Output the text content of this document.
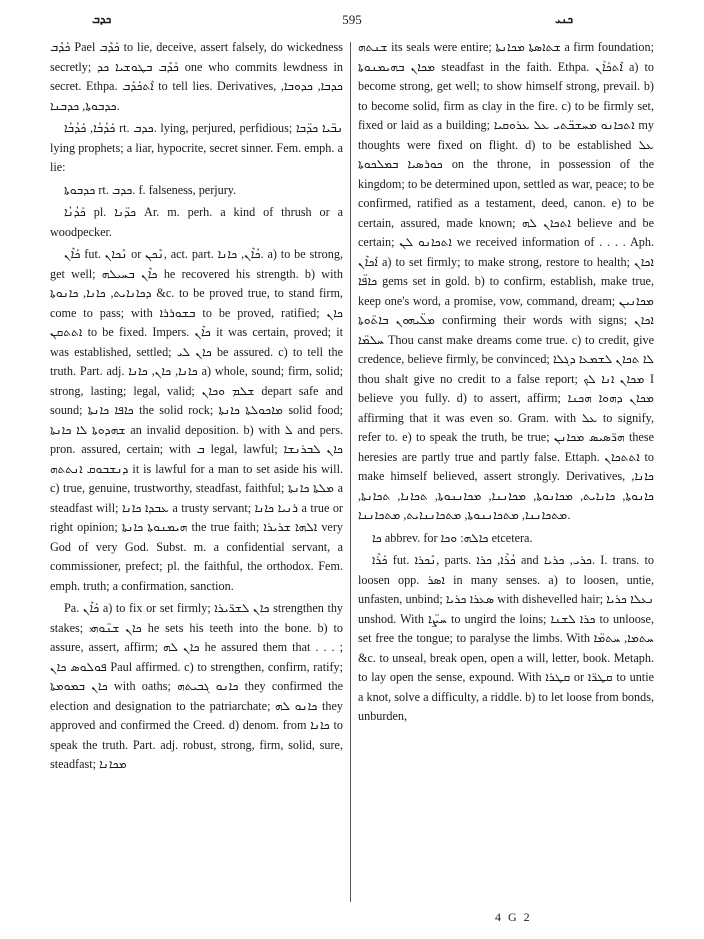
ܟܕܒ	595	ܟܢܝ

ܟܰܕܶܒ Pael ܟܰܕܶܒ to lie, deceive, assert falsely, do wickedness secretly; ܟܰܕܶܒ ܒܛܘܫܝܐ ܟܕ one who commits lewdness in secret. Ethpa. ܐܶܬܟܰܕܰܒ to tell lies. Derivatives, ܟܕܒܐ, ܟܕܘܒܐ, ܟܕܒܘܬܐ, ܟܕܒܢܐ.

ܟܰܕܳܒܳܐ, ܟܰܕܳܒܳܐ rt. ܟܕܒ. lying, perjured, perfidious; ܢܒ̈ܝܐ ܟܕ̈ܒܐ lying prophets; a liar, hypocrite, secret sinner. Fem. emph. a lie:

ܟܕܒܘܬܐ rt. ܟܕܒ. f. falseness, perjury.

ܟܰܕܳܢܳܐ pl. ܟܕ̈ܢܐ Ar. m. perh. a kind of thrush or a woodpecker.

ܟܰܐܶܢ fut. ܢܶܟܐܢ or ܢܶܟܢ, act. part. ܟܳܐܶܢ, ܟܐܢܐ. a) to be strong, get well; ܟܐܶܢ ܒܚܝܠܗ he recovered his strength. b) with ܕܟܐܢܐܝܬ, ܟܐܢܐ, ܟܐܢܘܬܐ &c. to be proved true, to stand firm, come to pass; with ܒܫܘܪܪܐ to be proved, ratified; ܟܐܢ ܐܬܬܩܢ to be fixed. Impers. ܟܐܶܢ it was certain, proved; it was established, settled; ܟܐܢ ܠܝ be assured. c) to tell the truth. Part. adj. ܟܐܢܐ, ܟܐܢ, ܟܐܢܐ a) whole, sound; firm, solid; strong, lasting; legal, valid; ܫܠܡ ܘܟܐܢ depart safe and sound; ܟܐܦܐ ܟܐܢܬܐ the solid rock; ܡܐܟܘܠܬܐ ܟܐܢܬܐ solid food; ܫܗܕܘܬܐ ܠܐ ܟܐܢܬܐ an invalid deposition. b) with ܠ and pers. pron. assured, certain; with ܒ legal, lawful; ܟܐܢ ܠܒܪܢܫܐ ܕܢܫܒܘܩ ܐܢܬܬܗ it is lawful for a man to set aside his will. c) true, genuine, trustworthy, steadfast, faithful; ܡܠܬܐ ܟܐܢܬܐ a steadfast will; ܥܒܕܐ ܟܐܢܐ a trusty servant; ܪܢܝܐ ܟܐܢܐ a true or right opinion; ܗܝܡܢܘܬܐ ܟܐܢܬܐ the true faith; ܐܠܗܐ ܫܪܝܪܐ very God of very God. Subst. m. a confidential servant, a commissioner, prefect; pl. the faithful, the orthodox. Fem. emph. truth; a confirmation, sanction.

Pa. ܟܰܐܶܢ a) to fix or set firmly; ܟܐܢ ܠܫܪ̈ܝܪܐ strengthen thy stakes; ܟܐܢ ܫܢ̈ܘܗܝ he sets his teeth into the bone. b) to assure, assert, affirm; ܟܐܢ ܠܗ he assured them that . . . ; ܦܘܠܘܣ ܟܐܢ Paul affirmed. c) to strengthen, confirm, ratify; ܟܐܢ ܒܡܘܡܬܐ with oaths; ܟܐܢܘ ܓܒܝܬܗ they confirmed the election and designation to the patriarchate; ܟܐܢܘ ܠܗ they approved and confirmed the Creed. d) denom. from ܟܐܢܐ to speak the truth. Part. adj. robust, strong, firm, solid, sure, steadfast; ܡܟܐܢܐ

ܫܢܬܗ its seals were entire; ܫܬܐܤܬܐ ܡܟܐܢܬܐ a firm foundation; ܡܟܐܢ ܒܗܝܡܢܘܬܐ steadfast in the faith. Ethpa. ܐܶܬܟܰܐܰܢ a) to become strong, get well; to show himself strong, prevail. b) to become solid, firm as clay in the fire. c) to be firmly set, fixed or laid as a building; ܐܬܟܐܢܘ ܡܚܫܒ̈ܬܝ ܥܠ ܥܪܘܩܝܐ my thoughts were fixed on flight. d) to be established ܥܠ ܟܘܪܣܝܐ ܒܡܠܟܘܬܐ on the throne, in possession of the kingdom; to be determined upon, settled as war, peace; to be confirmed, ratified as a testament, deed, canon. e) to be certain, assured, made known; ܐܬܟܐܢ ܠܗ believe and be certain; ܐܬܟܐܢܘ ܠܢ we received information of . . . . Aph. ܐܰܟܐܶܢ a) to set firmly; to make strong, restore to health; ܐܟܐܢ ܟܐܦ̈ܐ gems set in gold. b) to confirm, establish, make true, keep one's word, a promise, vow, command, dream; ܡܟܐܢܝܢ ܡܠ̈ܝܗܘܢ ܒܐܬ̈ܘܬܐ confirming their words with signs; ܐܟܐܢ ܚܠܡ̈ܐ Thou canst make dreams come true. c) to credit, give credence, believe firmly, be convinced; ܠܐ ܬܟܐܢ ܠܫܡܥܐ ܕܓܠܐ thou shalt give no credit to a false report; ܡܟܐܢ ܐܢܐ ܠܟ I believe you fully. d) to assert, affirm; ܡܟܐܢ ܕܗܘܐ ܗܟܢܐ affirming that it was even so. Gram. with ܥܠ to signify, refer to. e) to speak the truth, be true; ܗܪ̈ܣܝܣ ܡܟܐܢܢ these heresies are partly true and partly false. Ettaph. ܐܬܬܟܐܢ to make himself believed, assert strongly. Derivatives, ܟܐܢܐ, ܟܐܢܘܬܐ, ܟܐܢܐܝܬ, ܡܟܐܢܘܬܐ, ܡܟܐܢܢܐ, ܡܟܐܢܢܘܬܐ, ܬܟܐܢܐ, ܬܟܐܢܬܐ, ܡܬܟܐܢܢܐ, ܡܬܟܐܢܢܘܬܐ, ܡܬܟܐܢܢܐܝܬ, ܡܬܟܐܢܢܐ.

ܟܐ abbrev. for ܟܐܠܗ: ܘܟܐ etcetera.

ܟܰܪܶܐ fut. ܢܶܟܪܐ, parts. ܟܳܪܶܐ, ܟܪܐ and ܟܪܝ, ܟܪܝܐ. I. trans. to loosen opp. ܐܣܪ in many senses. a) to loosen, untie, unfasten, unbind; ܣܥܪܐ ܟܪܝܐ with dishevelled hair; ܢܥܠܐ ܟܪܝܐ unshod. With ܚܨ̈ܐ to ungird the loins; ܟܪܐ ܠܫܢܐ to unloose, set free the tongue; to paralyse the limbs. With ܚܬܡܐ, ܚܬܡ̈ܐ &c. to unseal, break open, open a will, letter, book. Metaph. to lay open the sense, expound. With ܩܛܪܐ or ܩܛܪ̈ܐ to untie a knot, solve a difficulty, a riddle. b) to let loose from bonds, unburden,

4 G 2
